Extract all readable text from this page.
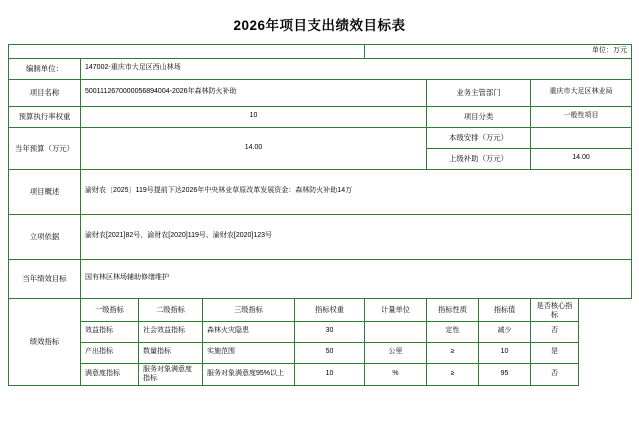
2026年项目支出绩效目标表
					单位：万元			
编制单位：	147002-重庆市大足区西山林场							
项目名称	5001112670000056894004-2026年森林防火补助					业务主管部门		重庆市大足区林业局
预算执行率权重	10					项目分类		一般性项目
当年预算（万元）	14.00					本级安排（万元）		
						上级补助（万元）		14.00
项目概述	渝财农〔2025〕119号提前下达2026年中央林业草原改革发展资金：森林防火补助14万							
立项依据	渝财农[2021]82号、渝财农[2020]119号、渝财农[2020]123号							
当年绩效目标	国有林区林场辅助修缮维护							
绩效指标	一级指标	二级指标	三级指标	指标权重	计量单位	指标性质	指标值	是否核心指标
	效益指标	社会效益指标	森林火灾隐患	30		定性	减少	否
	产出指标	数量指标	实施范围	50	公里	≥	10	是
	满意度指标	服务对象满意度指标	服务对象满意度95%以上	10	%	≥	95	否
